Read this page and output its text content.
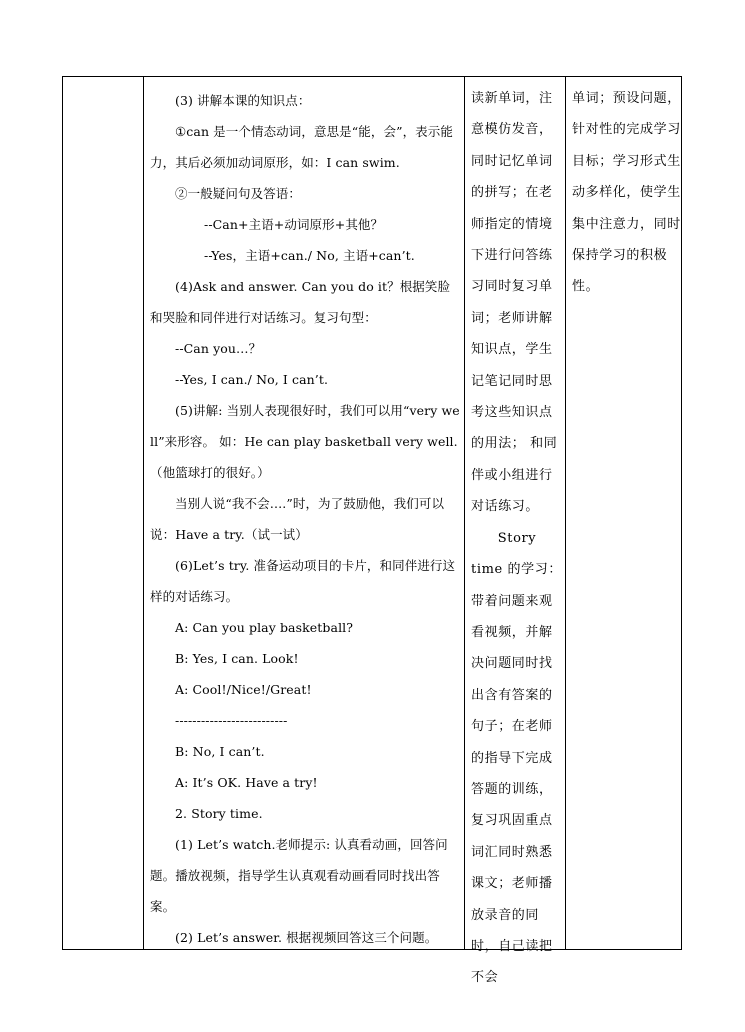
(3) 讲解本课的知识点：

①can 是一个情态动词，意思是“能，会”，表示能力，其后必须加动词原形，如：I can swim.

②一般疑问句及答语：

--Can+主语+动词原形+其他？

--Yes，主语+can./ No, 主语+can’t.

(4)Ask and answer. Can you do it？根据笑脸和哭脸和同伴进行对话练习。复习句型：

--Can you…？

--Yes, I can./ No, I can’t.

(5)讲解: 当别人表现很好时，我们可以用“very well”来形容。 如：He can play basketball very well.（他篮球打的很好。）

当别人说“我不会….”时，为了鼓励他，我们可以说：Have a try.（试一试）

(6)Let’s try. 准备运动项目的卡片，和同伴进行这样的对话练习。

A: Can you play basketball?

B: Yes, I can. Look!

A: Cool!/Nice!/Great!

--------------------------

B: No, I can’t.

A: It’s OK. Have a try!

2. Story time.

(1) Let’s watch.老师提示: 认真看动画，回答问题。播放视频，指导学生认真观看动画看同时找出答案。

(2) Let’s answer. 根据视频回答这三个问题。

读新单词，注意模仿发音，同时记忆单词的拼写；在老师指定的情境下进行问答练习同时复习单词；老师讲解知识点，学生记笔记同时思考这些知识点的用法； 和同伴或小组进行对话练习。

Story

time 的学习：带着问题来观看视频，并解决问题同时找出含有答案的句子；在老师的指导下完成答题的训练，复习巩固重点词汇同时熟悉课文；老师播放录音的同时，自己读把不会

单词；预设问题，针对性的完成学习目标；学习形式生动多样化，使学生集中注意力，同时保持学习的积极性。
